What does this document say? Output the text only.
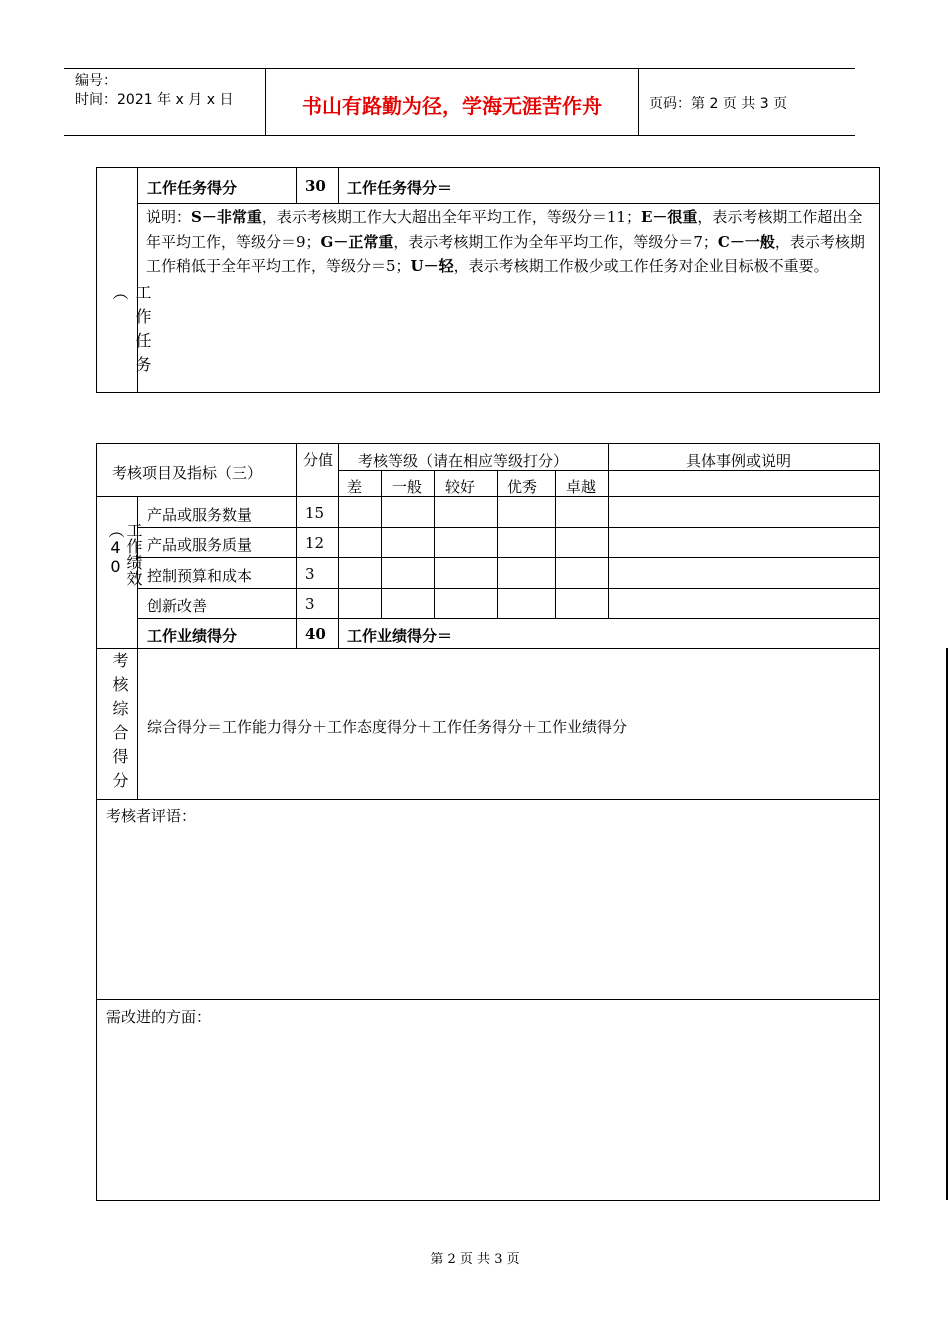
编号：
时间：2021 年 x 月 x 日	书山有路勤为径，学海无涯苦作舟	页码：第 2 页 共 3 页
工作任务（
工作任务得分	30 工作任务得分＝
说明：S－非常重，表示考核期工作大大超出全年平均工作，等级分＝11；E－很重，表示考核期工作超出全年平均工作，等级分＝9；G－正常重，表示考核期工作为全年平均工作，等级分＝7；C－一般，表示考核期工作稍低于全年平均工作，等级分＝5；U－轻，表示考核期工作极少或工作任务对企业目标极不重要。
考核项目及指标（三）
分值 考核等级（请在相应等级打分）	具体事例或说明
差 一般 较好 优秀 卓越
工作绩效（40
产品或服务数量	15
产品或服务质量	12
控制预算和成本	3
创新改善	3
工作业绩得分	40 工作业绩得分＝
考核综合得分 综合得分＝工作能力得分＋工作态度得分＋工作任务得分＋工作业绩得分
考核者评语：
需改进的方面：
第 2 页 共 3 页
